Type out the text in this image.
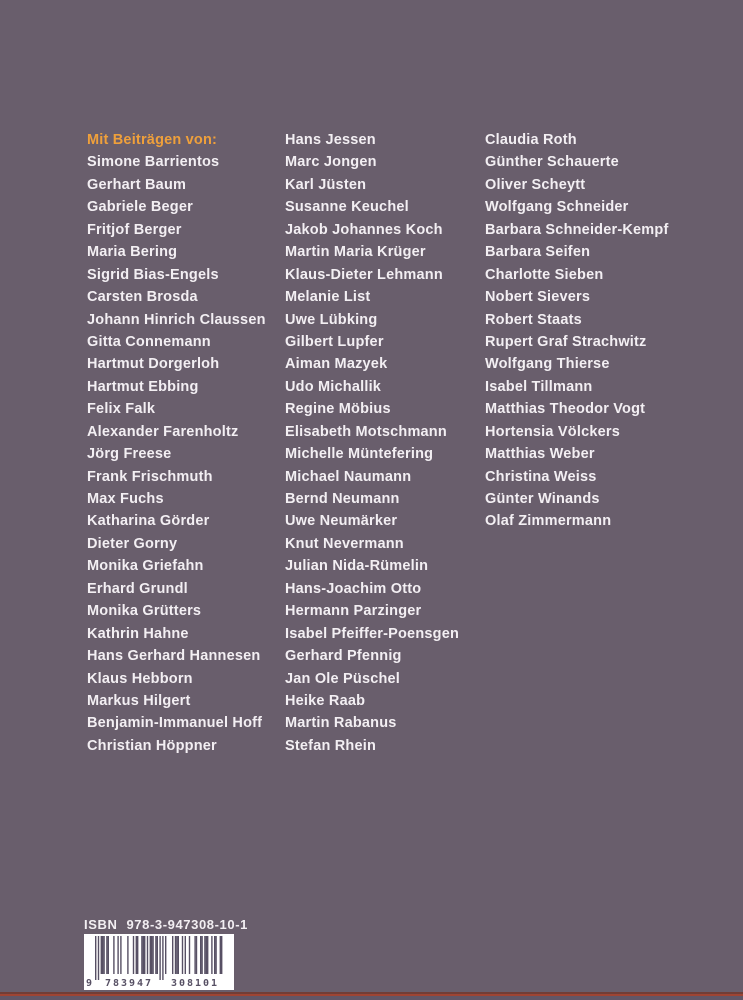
Mit Beiträgen von:
Simone Barrientos
Gerhart Baum
Gabriele Beger
Fritjof Berger
Maria Bering
Sigrid Bias-Engels
Carsten Brosda
Johann Hinrich Claussen
Gitta Connemann
Hartmut Dorgerloh
Hartmut Ebbing
Felix Falk
Alexander Farenholtz
Jörg Freese
Frank Frischmuth
Max Fuchs
Katharina Görder
Dieter Gorny
Monika Griefahn
Erhard Grundl
Monika Grütters
Kathrin Hahne
Hans Gerhard Hannesen
Klaus Hebborn
Markus Hilgert
Benjamin-Immanuel Hoff
Christian Höppner
Hans Jessen
Marc Jongen
Karl Jüsten
Susanne Keuchel
Jakob Johannes Koch
Martin Maria Krüger
Klaus-Dieter Lehmann
Melanie List
Uwe Lübking
Gilbert Lupfer
Aiman Mazyek
Udo Michallik
Regine Möbius
Elisabeth Motschmann
Michelle Müntefering
Michael Naumann
Bernd Neumann
Uwe Neumärker
Knut Nevermann
Julian Nida-Rümelin
Hans-Joachim Otto
Hermann Parzinger
Isabel Pfeiffer-Poensgen
Gerhard Pfennig
Jan Ole Püschel
Heike Raab
Martin Rabanus
Stefan Rhein
Claudia Roth
Günther Schauerte
Oliver Scheytt
Wolfgang Schneider
Barbara Schneider-Kempf
Barbara Seifen
Charlotte Sieben
Nobert Sievers
Robert Staats
Rupert Graf Strachwitz
Wolfgang Thierse
Isabel Tillmann
Matthias Theodor Vogt
Hortensia Völckers
Matthias Weber
Christina Weiss
Günter Winands
Olaf Zimmermann
ISBN 978-3-947308-10-1
9	783947	308101
